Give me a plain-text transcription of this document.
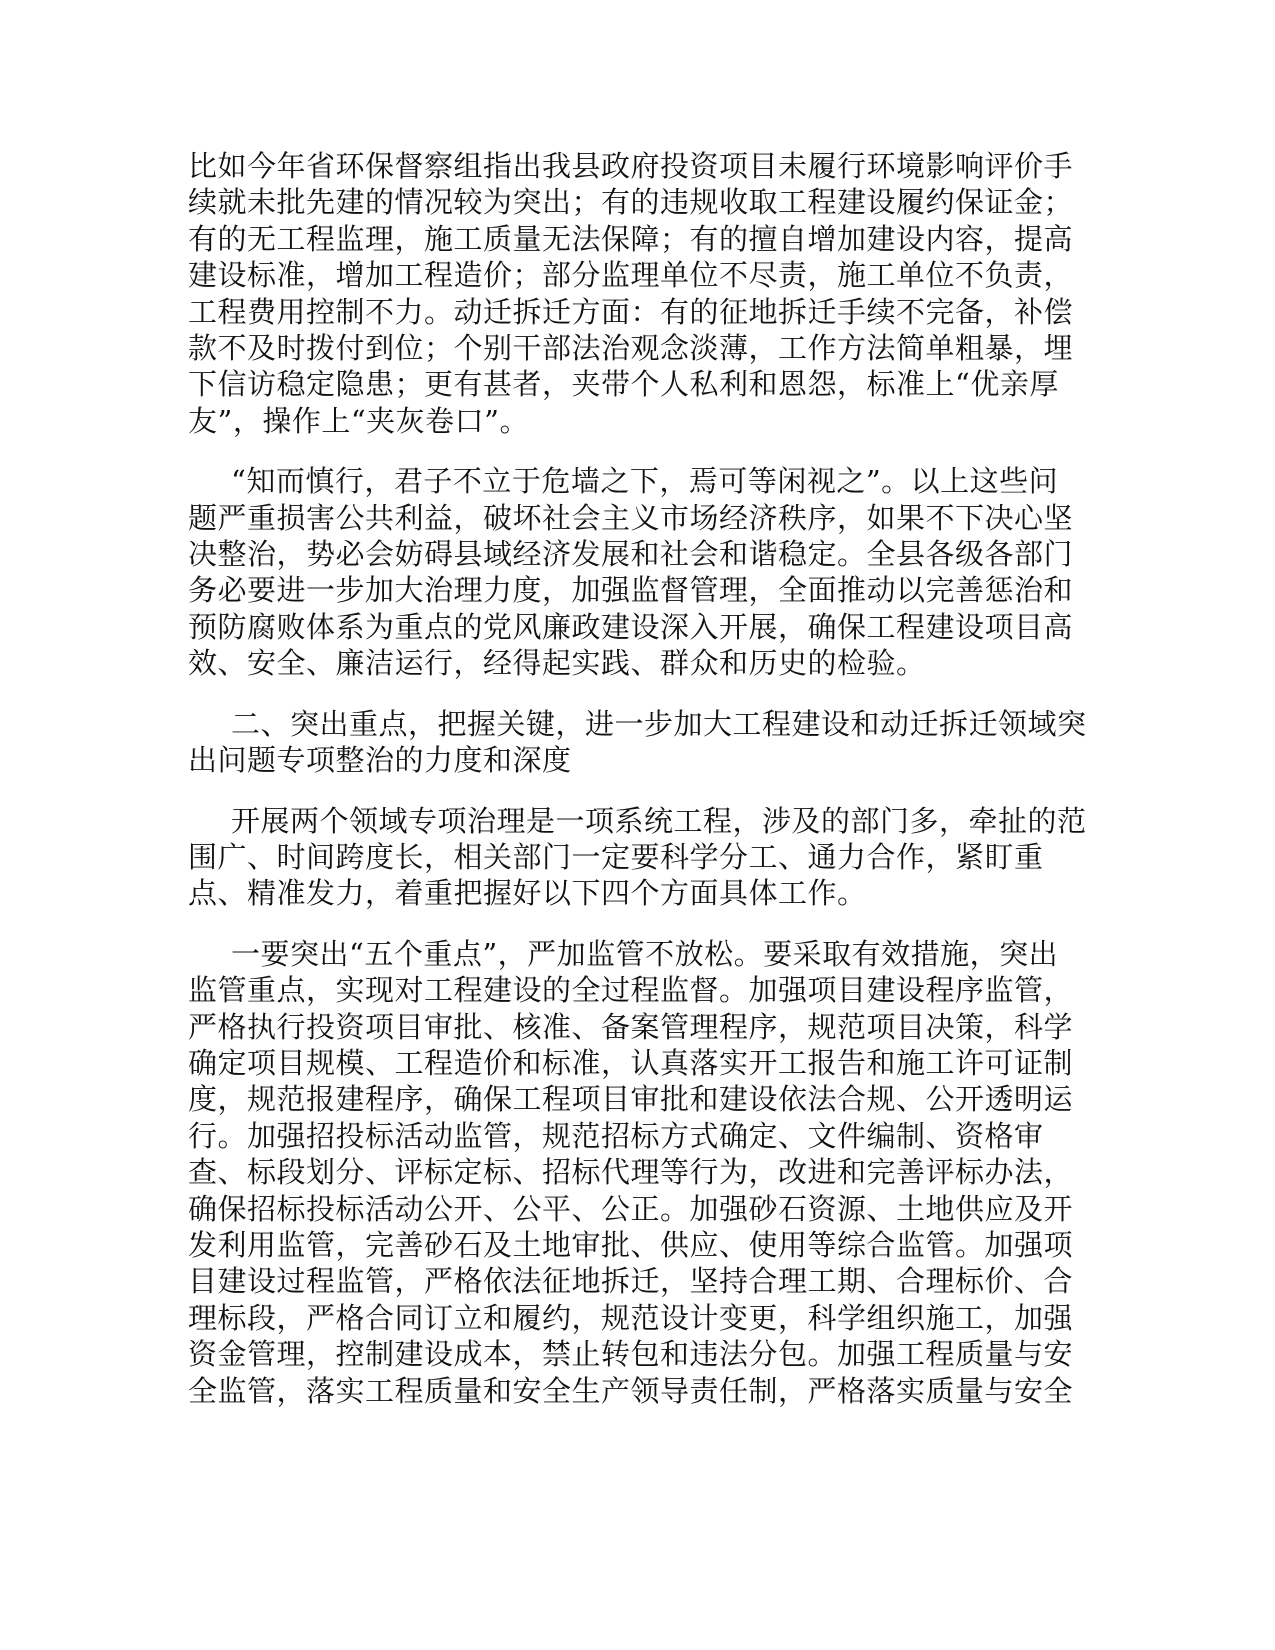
比如今年省环保督察组指出我县政府投资项目未履行环境影响评价手
续就未批先建的情况较为突出；有的违规收取工程建设履约保证金；
有的无工程监理，施工质量无法保障；有的擅自增加建设内容，提高
建设标准，增加工程造价；部分监理单位不尽责，施工单位不负责，
工程费用控制不力。动迁拆迁方面：有的征地拆迁手续不完备，补偿
款不及时拨付到位；个别干部法治观念淡薄，工作方法简单粗暴，埋
下信访稳定隐患；更有甚者，夹带个人私利和恩怨，标准上“优亲厚
友”，操作上“夹灰卷口”。
“知而慎行，君子不立于危墙之下，焉可等闲视之”。以上这些问
题严重损害公共利益，破坏社会主义市场经济秩序，如果不下决心坚
决整治，势必会妨碍县域经济发展和社会和谐稳定。全县各级各部门
务必要进一步加大治理力度，加强监督管理，全面推动以完善惩治和
预防腐败体系为重点的党风廉政建设深入开展，确保工程建设项目高
效、安全、廉洁运行，经得起实践、群众和历史的检验。
二、突出重点，把握关键，进一步加大工程建设和动迁拆迁领域突
出问题专项整治的力度和深度
开展两个领域专项治理是一项系统工程，涉及的部门多，牵扯的范
围广、时间跨度长，相关部门一定要科学分工、通力合作，紧盯重
点、精准发力，着重把握好以下四个方面具体工作。
一要突出“五个重点”，严加监管不放松。要采取有效措施，突出
监管重点，实现对工程建设的全过程监督。加强项目建设程序监管，
严格执行投资项目审批、核准、备案管理程序，规范项目决策，科学
确定项目规模、工程造价和标准，认真落实开工报告和施工许可证制
度，规范报建程序，确保工程项目审批和建设依法合规、公开透明运
行。加强招投标活动监管，规范招标方式确定、文件编制、资格审
查、标段划分、评标定标、招标代理等行为，改进和完善评标办法，
确保招标投标活动公开、公平、公正。加强砂石资源、土地供应及开
发利用监管，完善砂石及土地审批、供应、使用等综合监管。加强项
目建设过程监管，严格依法征地拆迁，坚持合理工期、合理标价、合
理标段，严格合同订立和履约，规范设计变更，科学组织施工，加强
资金管理，控制建设成本，禁止转包和违法分包。加强工程质量与安
全监管，落实工程质量和安全生产领导责任制，严格落实质量与安全
